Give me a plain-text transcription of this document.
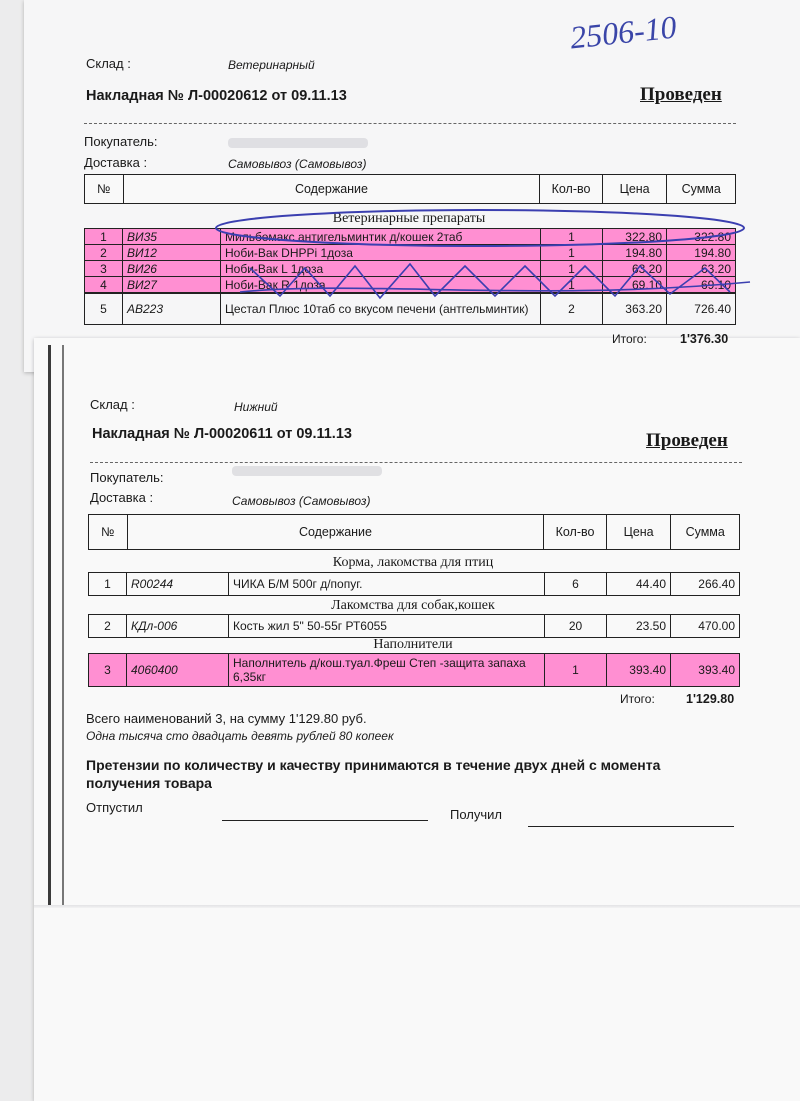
2506-10
Склад :	Ветеринарный
Накладная № Л-00020612 от 09.11.13	Проведен
Покупатель:
Доставка :	Самовывоз (Самовывоз)
№	Содержание	Кол-во	Цена	Сумма
Ветеринарные препараты
1	ВИ35	Мильбемакс антигельминтик д/кошек 2таб	1	322.80	322.80
2	ВИ12	Ноби-Вак DHPPi 1доза	1	194.80	194.80
3	ВИ26	Ноби-Вак L 1доза	1	63.20	63.20
4	ВИ27	Ноби-Вак R 1доза	1	69.10	69.10
5	АВ223	Цестал Плюс 10таб со вкусом печени (антгельминтик)	2	363.20	726.40
Итого:	1'376.30
Склад :	Нижний
Накладная № Л-00020611 от 09.11.13	Проведен
Покупатель:
Доставка :	Самовывоз (Самовывоз)
№	Содержание	Кол-во	Цена	Сумма
Корма, лакомства для птиц
1	R00244	ЧИКА Б/М 500г д/попуг.	6	44.40	266.40
Лакомства для собак,кошек
2	КДл-006	Кость жил 5" 50-55г РТ6055	20	23.50	470.00
Наполнители
3	4060400	Наполнитель д/кош.туал.Фреш Степ -защита запаха 6,35кг	1	393.40	393.40
Итого: 1'129.80
Всего наименований 3, на сумму 1'129.80 руб.
Одна тысяча сто двадцать девять рублей 80 копеек
Претензии по количеству и качеству принимаются в течение двух дней с момента получения товара
Отпустил	Получил
